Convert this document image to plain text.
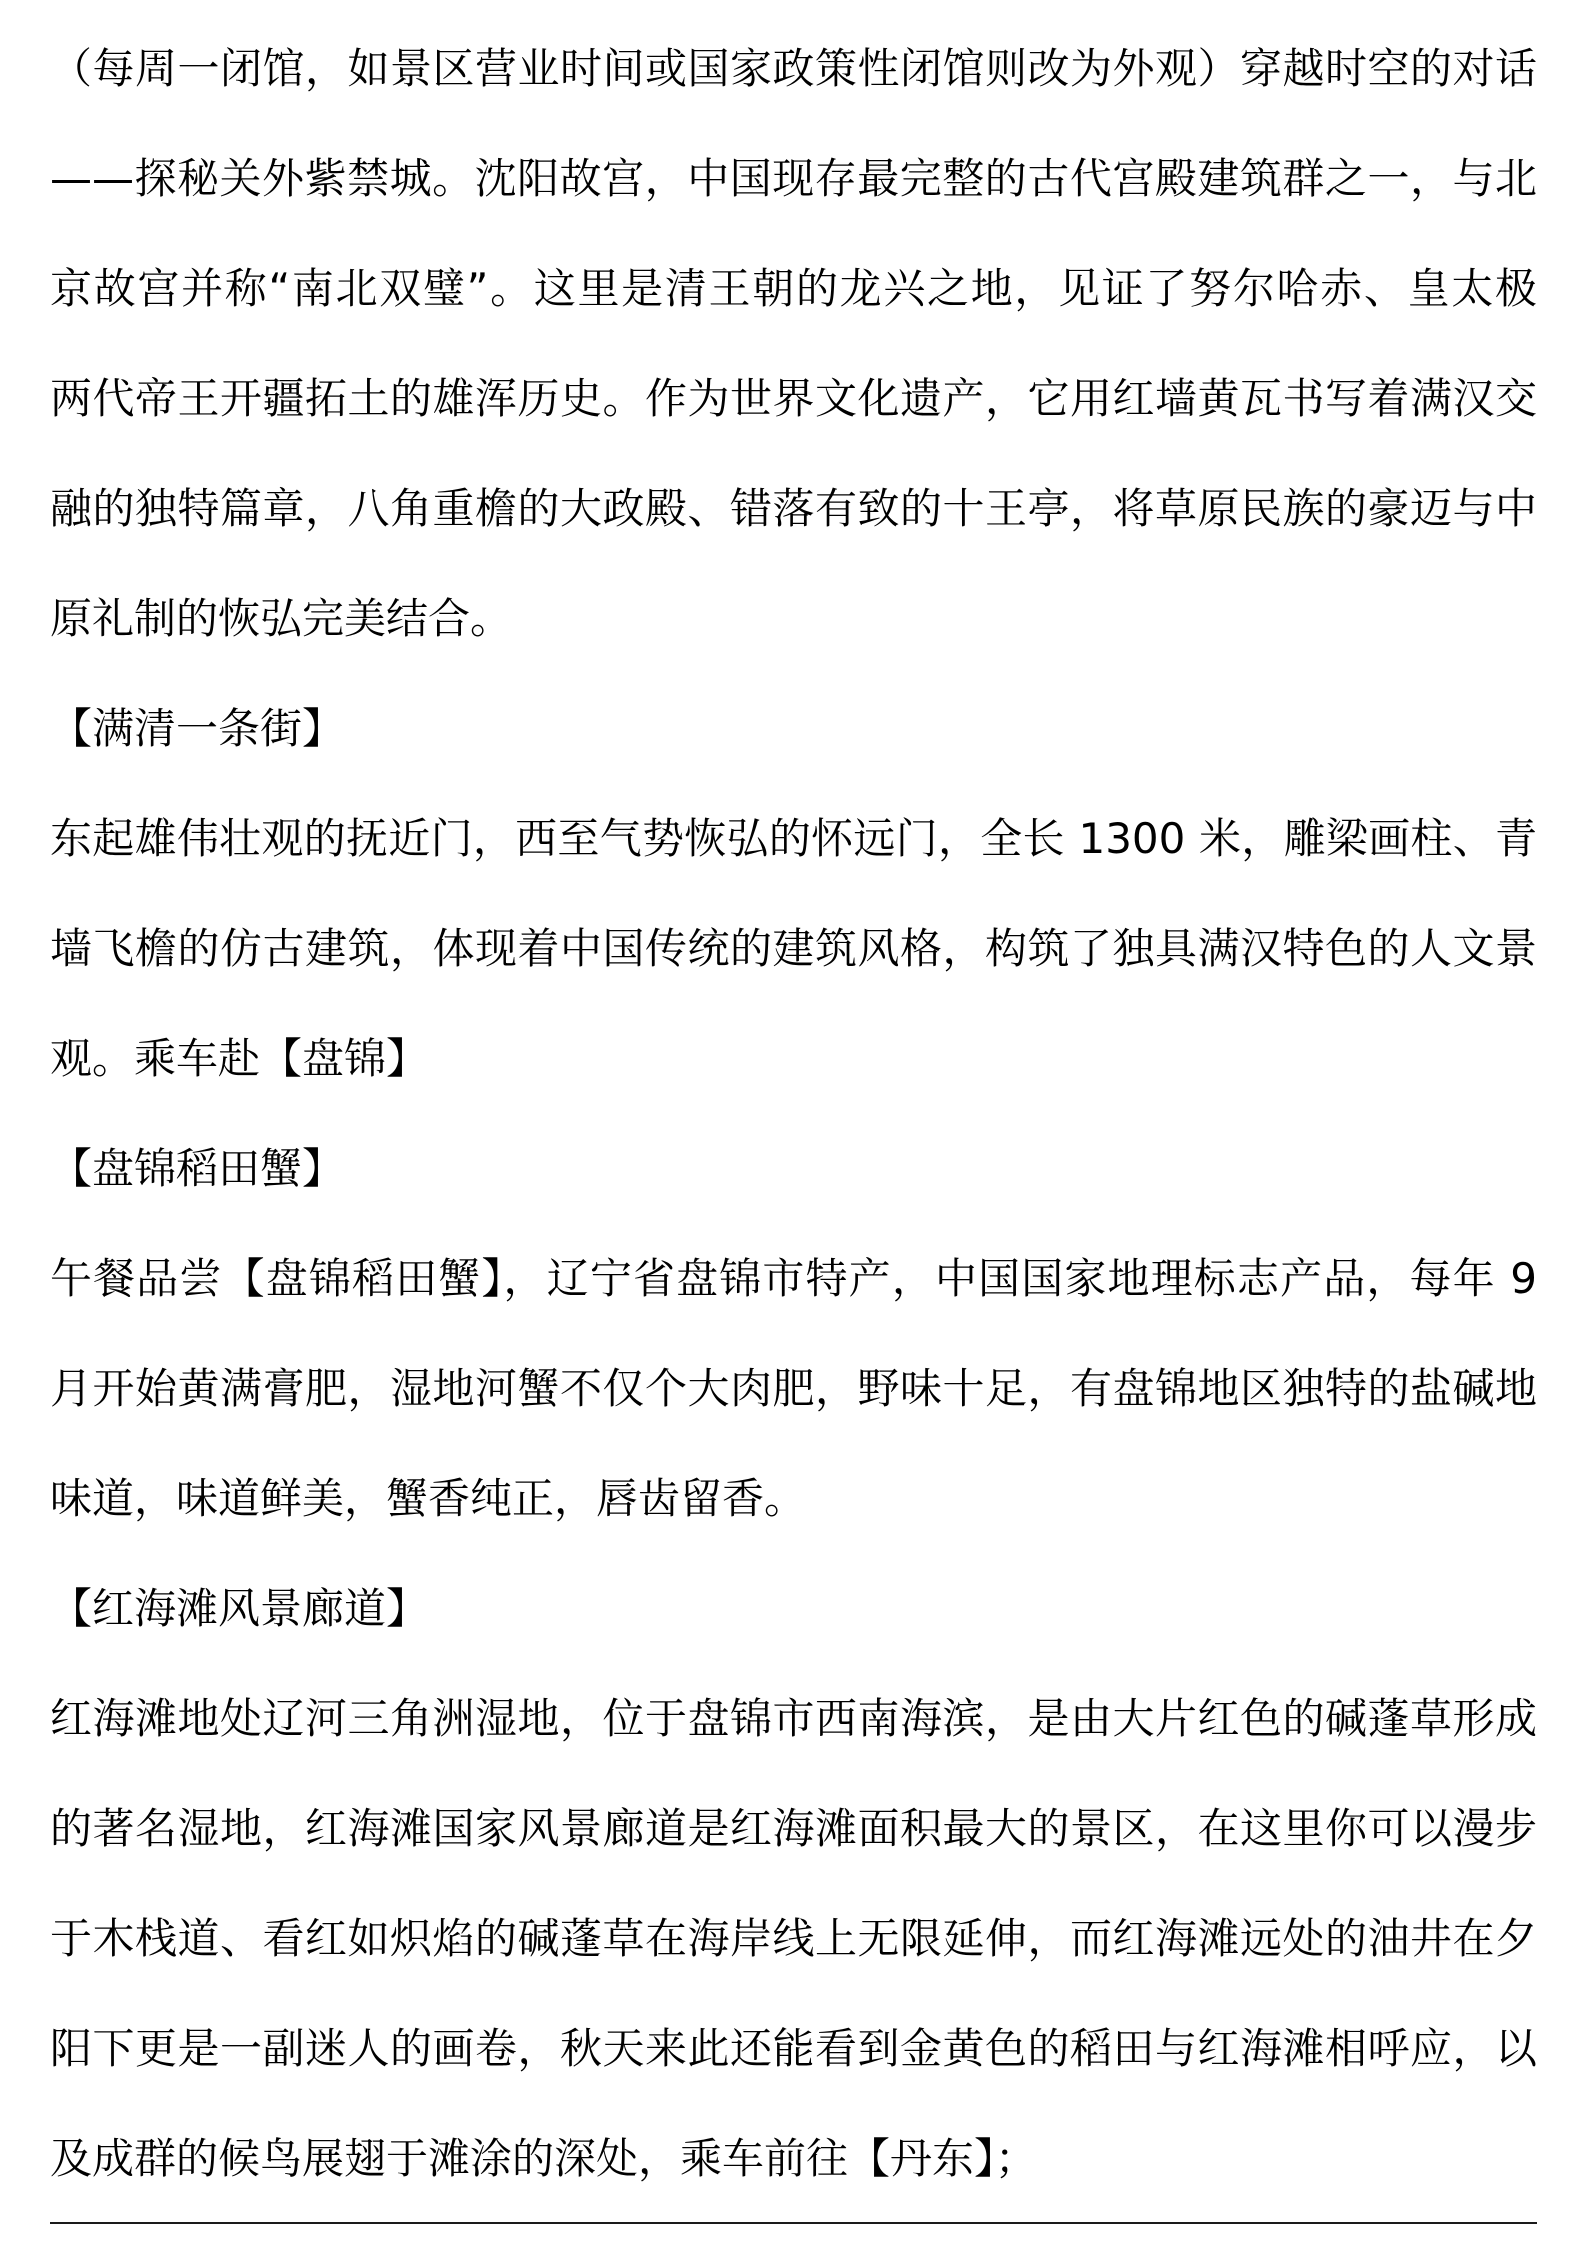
（每周一闭馆，如景区营业时间或国家政策性闭馆则改为外观）穿越时空的对话
——探秘关外紫禁城。沈阳故宫，中国现存最完整的古代宫殿建筑群之一，与北
京故宫并称“南北双璧”。这里是清王朝的龙兴之地，见证了努尔哈赤、皇太极
两代帝王开疆拓土的雄浑历史。作为世界文化遗产，它用红墙黄瓦书写着满汉交
融的独特篇章，八角重檐的大政殿、错落有致的十王亭，将草原民族的豪迈与中
原礼制的恢弘完美结合。
【满清一条街】
东起雄伟壮观的抚近门，西至气势恢弘的怀远门，全长 1300 米，雕梁画柱、青
墙飞檐的仿古建筑，体现着中国传统的建筑风格，构筑了独具满汉特色的人文景
观。乘车赴【盘锦】
【盘锦稻田蟹】
午餐品尝【盘锦稻田蟹】，辽宁省盘锦市特产，中国国家地理标志产品，每年 9
月开始黄满膏肥，湿地河蟹不仅个大肉肥，野味十足，有盘锦地区独特的盐碱地
味道，味道鲜美，蟹香纯正，唇齿留香。
【红海滩风景廊道】
红海滩地处辽河三角洲湿地，位于盘锦市西南海滨，是由大片红色的碱蓬草形成
的著名湿地，红海滩国家风景廊道是红海滩面积最大的景区，在这里你可以漫步
于木栈道、看红如炽焰的碱蓬草在海岸线上无限延伸，而红海滩远处的油井在夕
阳下更是一副迷人的画卷，秋天来此还能看到金黄色的稻田与红海滩相呼应，以
及成群的候鸟展翅于滩涂的深处，乘车前往【丹东】；
